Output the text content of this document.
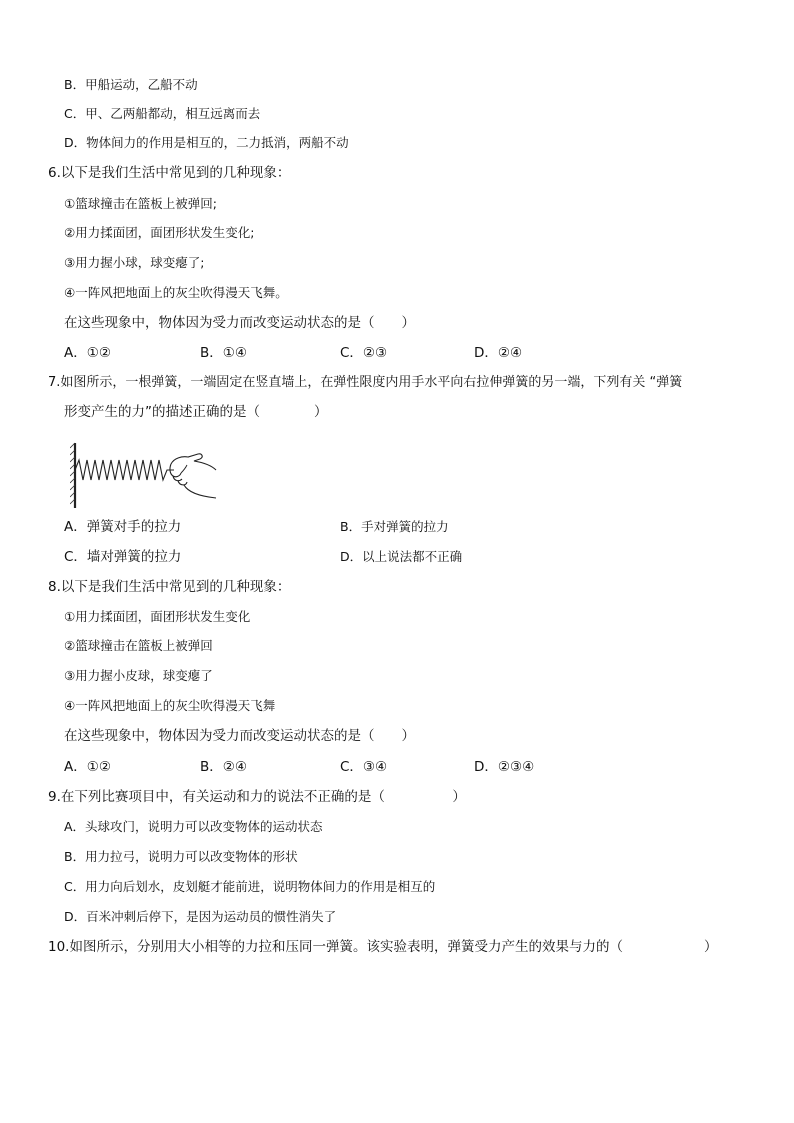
B．甲船运动，乙船不动
C．甲、乙两船都动，相互远离而去
D．物体间力的作用是相互的，二力抵消，两船不动
6.以下是我们生活中常见到的几种现象：
①篮球撞击在篮板上被弹回;
②用力揉面团，面团形状发生变化;
③用力握小球，球变瘪了;
④一阵风把地面上的灰尘吹得漫天飞舞。
在这些现象中，物体因为受力而改变运动状态的是（　　）
A．①②	B．①④	C．②③	D．②④
7.如图所示，一根弹簧，一端固定在竖直墙上，在弹性限度内用手水平向右拉伸弹簧的另一端，下列有关 “弹簧
形变产生的力”的描述正确的是（　　　　）
A．弹簧对手的拉力	B．手对弹簧的拉力
C．墙对弹簧的拉力	D．以上说法都不正确
8.以下是我们生活中常见到的几种现象：
①用力揉面团，面团形状发生变化
②篮球撞击在篮板上被弹回
③用力握小皮球，球变瘪了
④一阵风把地面上的灰尘吹得漫天飞舞
在这些现象中，物体因为受力而改变运动状态的是（　　）
A．①②	B．②④	C．③④	D．②③④
9.在下列比赛项目中，有关运动和力的说法不正确的是（　　　　　）
A．头球攻门，说明力可以改变物体的运动状态
B．用力拉弓，说明力可以改变物体的形状
C．用力向后划水，皮划艇才能前进，说明物体间力的作用是相互的
D．百米冲刺后停下，是因为运动员的惯性消失了
10.如图所示，分别用大小相等的力拉和压同一弹簧。该实验表明，弹簧受力产生的效果与力的（　　　　　　）
